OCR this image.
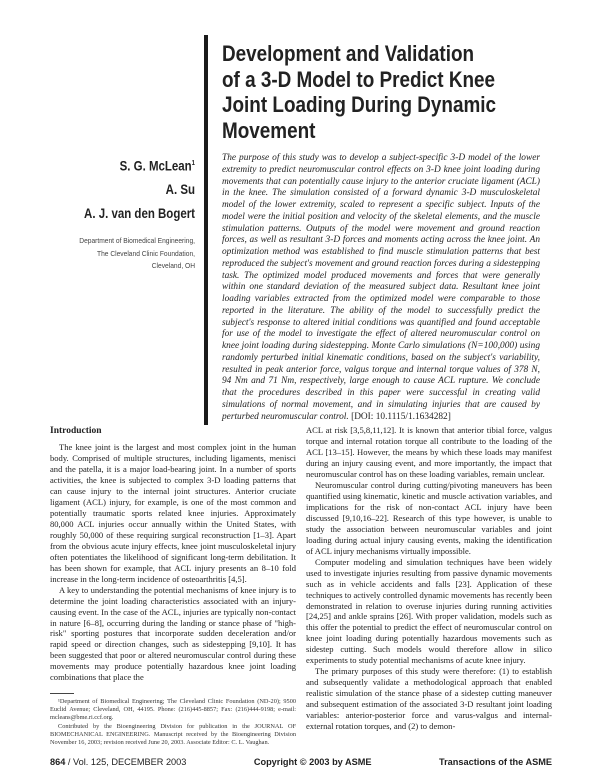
S. G. McLean$^1$
A. Su
A. J. van den Bogert
Department of Biomedical Engineering,
The Cleveland Clinic Foundation,
Cleveland, OH
Development and Validation
of a 3-D Model to Predict Knee
Joint Loading During Dynamic
Movement

The purpose of this study was to develop a subject-specific 3-D model of the lower extremity to predict neuromuscular control effects on 3-D knee joint loading during movements that can potentially cause injury to the anterior cruciate ligament (ACL) in the knee. The simulation consisted of a forward dynamic 3-D musculoskeletal model of the lower extremity, scaled to represent a specific subject. Inputs of the model were the initial position and velocity of the skeletal elements, and the muscle stimulation patterns. Outputs of the model were movement and ground reaction forces, as well as resultant 3-D forces and moments acting across the knee joint. An optimization method was established to find muscle stimulation patterns that best reproduced the subject's movement and ground reaction forces during a sidestepping task. The optimized model produced movements and forces that were generally within one standard deviation of the measured subject data. Resultant knee joint loading variables extracted from the optimized model were comparable to those reported in the literature. The ability of the model to successfully predict the subject's response to altered initial conditions was quantified and found acceptable for use of the model to investigate the effect of altered neuromuscular control on knee joint loading during sidestepping. Monte Carlo simulations (N=100,000) using randomly perturbed initial kinematic conditions, based on the subject's variability, resulted in peak anterior force, valgus torque and internal torque values of 378 N, 94 Nm and 71 Nm, respectively, large enough to cause ACL rupture. We conclude that the procedures described in this paper were successful in creating valid simulations of normal movement, and in simulating injuries that are caused by perturbed neuromuscular control. [DOI: 10.1115/1.1634282]

Introduction

The knee joint is the largest and most complex joint in the human body. Comprised of multiple structures, including ligaments, menisci and the patella, it is a major load-bearing joint. In a number of sports activities, the knee is subjected to complex 3-D loading patterns that can cause injury to the internal joint structures. Anterior cruciate ligament (ACL) injury, for example, is one of the most common and potentially traumatic sports related knee injuries. Approximately 80,000 ACL injuries occur annually within the United States, with roughly 50,000 of these requiring surgical reconstruction [1–3]. Apart from the obvious acute injury effects, knee joint musculoskeletal injury often potentiates the likelihood of significant long-term debilitation. It has been shown for example, that ACL injury presents an 8–10 fold increase in the long-term incidence of osteoarthritis [4,5].

A key to understanding the potential mechanisms of knee injury is to determine the joint loading characteristics associated with an injury-causing event. In the case of the ACL, injuries are typically non-contact in nature [6–8], occurring during the landing or stance phase of "high-risk" sporting postures that incorporate sudden deceleration and/or rapid speed or direction changes, such as sidestepping [9,10]. It has been suggested that poor or altered neuromuscular control during these movements may produce potentially hazardous knee joint loading combinations that place the

¹Department of Biomedical Engineering; The Cleveland Clinic Foundation (ND-20); 9500 Euclid Avenue; Cleveland, OH, 44195. Phone: (216)445-8857; Fax: (216)444-9198; e-mail: mcleans@bme.ri.ccf.org.

Contributed by the Bioengineering Division for publication in the JOURNAL OF BIOMECHANICAL ENGINEERING. Manuscript received by the Bioengineering Division November 16, 2003; revision received June 20, 2003. Associate Editor: C. L. Vaughan.

ACL at risk [3,5,8,11,12]. It is known that anterior tibial force, valgus torque and internal rotation torque all contribute to the loading of the ACL [13–15]. However, the means by which these loads may manifest during an injury causing event, and more importantly, the impact that neuromuscular control has on these loading variables, remain unclear.

Neuromuscular control during cutting/pivoting maneuvers has been quantified using kinematic, kinetic and muscle activation variables, and implications for the risk of non-contact ACL injury have been discussed [9,10,16–22]. Research of this type however, is unable to study the association between neuromuscular variables and joint loading during actual injury causing events, making the identification of ACL injury mechanisms virtually impossible.

Computer modeling and simulation techniques have been widely used to investigate injuries resulting from passive dynamic movements such as in vehicle accidents and falls [23]. Application of these techniques to actively controlled dynamic movements has recently been demonstrated in relation to overuse injuries during running activities [24,25] and ankle sprains [26]. With proper validation, models such as this offer the potential to predict the effect of neuromuscular control on knee joint loading during potentially hazardous movements such as sidestep cutting. Such models would therefore allow in silico experiments to study potential mechanisms of acute knee injury.

The primary purposes of this study were therefore: (1) to establish and subsequently validate a methodological approach that enabled realistic simulation of the stance phase of a sidestep cutting maneuver and subsequent estimation of the associated 3-D resultant joint loading variables: anterior-posterior force and varus-valgus and internal-external rotation torques, and (2) to demon-

864 / Vol. 125, DECEMBER 2003	Copyright © 2003 by ASME	Transactions of the ASME
